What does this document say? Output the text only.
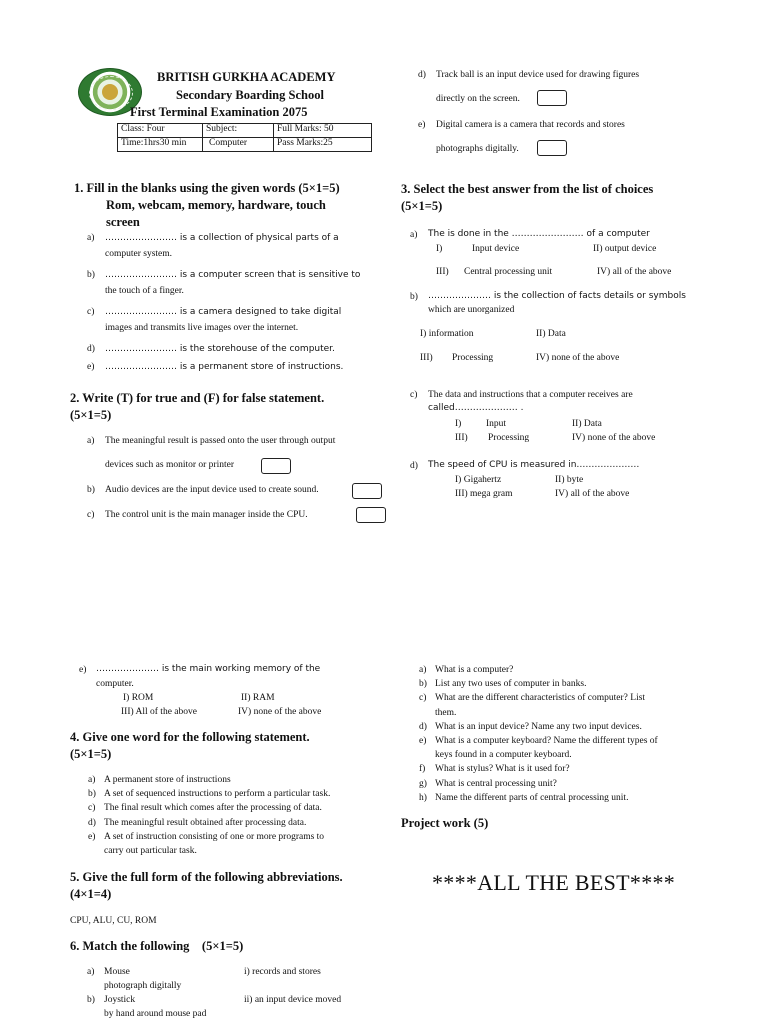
BRITISH GURKHA ACADEMY
Secondary Boarding School
First Terminal Examination 2075
Class: Four	Subject:	Full Marks: 50
Time:1hrs30 min	Computer	Pass Marks:25
1. Fill in the blanks using the given words (5×1=5)
Rom, webcam, memory, hardware, touch
screen
a) …………………… is a collection of physical parts of a
computer system.
b) …………………… is a computer screen that is sensitive to
the touch of a finger.
c) …………………… is a camera designed to take digital
images and transmits live images over the internet.
d) …………………… is the storehouse of the computer.
e) …………………… is a permanent store of instructions.
2. Write (T) for true and (F) for false statement.
(5×1=5)
a) The meaningful result is passed onto the user through output
devices such as monitor or printer
b) Audio devices are the input device used to create sound.
c) The control unit is the main manager inside the CPU.
d) Track ball is an input device used for drawing figures
directly on the screen.
e) Digital camera is a camera that records and stores
photographs digitally.
3. Select the best answer from the list of choices
(5×1=5)
a) The is done in the …………………… of a computer
I)	Input device	II) output device
III) Central processing unit	IV) all of the above
b) ………………… is the collection of facts details or symbols
which are unorganized
I) information	II) Data
III) Processing	IV) none of the above
c) The data and instructions that a computer receives are
called………………… .
I)	Input	II) Data
III) Processing	IV) none of the above
d) The speed of CPU is measured in…………………
I) Gigahertz	II) byte
III) mega gram	IV) all of the above
e) ………………… is the main working memory of the
computer.
I) ROM	II) RAM
III) All of the above	IV) none of the above
4. Give one word for the following statement.
(5×1=5)
a) A permanent store of instructions
b) A set of sequenced instructions to perform a particular task.
c) The final result which comes after the processing of data.
d) The meaningful result obtained after processing data.
e) A set of instruction consisting of one or more programs to
carry out particular task.
5. Give the full form of the following abbreviations.
(4×1=4)
CPU, ALU, CU, ROM
6. Match the following    (5×1=5)
a) Mouse	i) records and stores
photograph digitally
b) Joystick	ii) an input device moved
by hand around mouse pad
a) What is a computer?
b) List any two uses of computer in banks.
c) What are the different characteristics of computer? List
them.
d) What is an input device? Name any two input devices.
e) What is a computer keyboard? Name the different types of
keys found in a computer keyboard.
f)	What is stylus? What is it used for?
g) What is central processing unit?
h) Name the different parts of central processing unit.
Project work (5)
****ALL THE BEST****
